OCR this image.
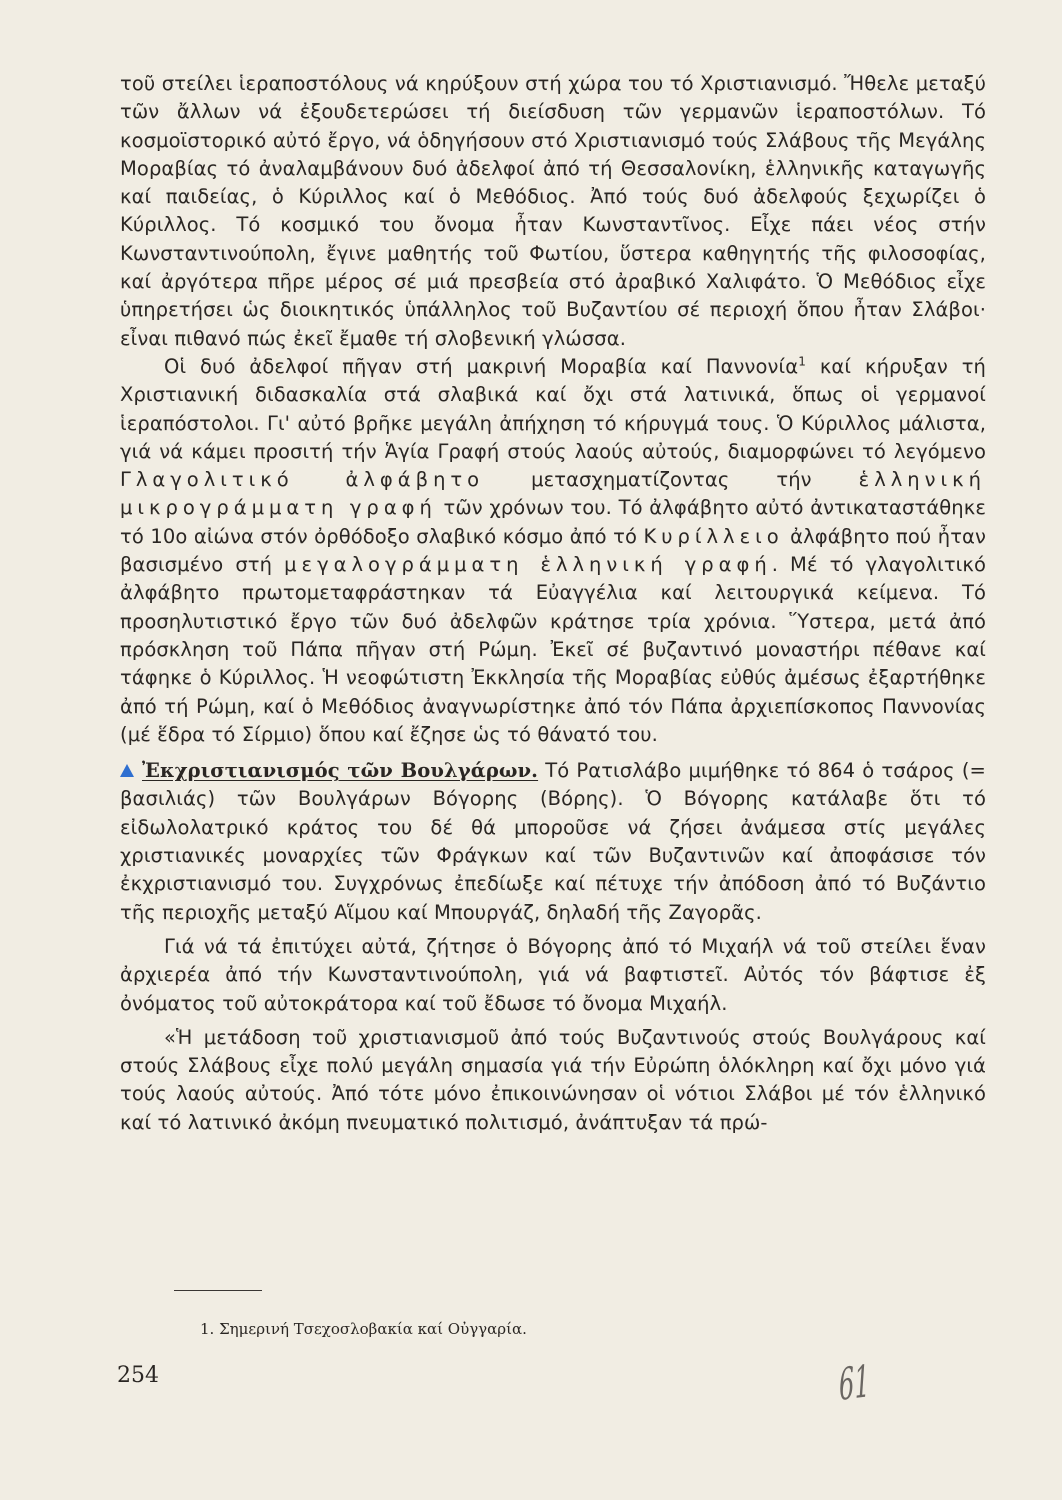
τοῦ στείλει ἱεραποστόλους νά κηρύξουν στή χώρα του τό Χριστιανισμό. Ἤθελε μεταξύ τῶν ἄλλων νά ἐξουδετερώσει τή διείσδυση τῶν γερμανῶν ἱεραποστόλων. Τό κοσμοϊστορικό αὐτό ἔργο, νά ὁδηγήσουν στό Χριστιανισμό τούς Σλάβους τῆς Μεγάλης Μοραβίας τό ἀναλαμβάνουν δυό ἀδελφοί ἀπό τή Θεσσαλονίκη, ἑλληνικῆς καταγωγῆς καί παιδείας, ὁ Κύριλλος καί ὁ Μεθόδιος. Ἀπό τούς δυό ἀδελφούς ξεχωρίζει ὁ Κύριλλος. Τό κοσμικό του ὄνομα ἦταν Κωνσταντῖνος. Εἶχε πάει νέος στήν Κωνσταντινούπολη, ἔγινε μαθητής τοῦ Φωτίου, ὕστερα καθηγητής τῆς φιλοσοφίας, καί ἀργότερα πῆρε μέρος σέ μιά πρεσβεία στό ἀραβικό Χαλιφάτο. Ὁ Μεθόδιος εἶχε ὑπηρετήσει ὡς διοικητικός ὑπάλληλος τοῦ Βυζαντίου σέ περιοχή ὅπου ἦταν Σλάβοι· εἶναι πιθανό πώς ἐκεῖ ἔμαθε τή σλοβενική γλώσσα.

Οἱ δυό ἀδελφοί πῆγαν στή μακρινή Μοραβία καί Παννονία$^1$ καί κήρυξαν τή Χριστιανική διδασκαλία στά σλαβικά καί ὄχι στά λατινικά, ὅπως οἱ γερμανοί ἱεραπόστολοι. Γι' αὐτό βρῆκε μεγάλη ἀπήχηση τό κήρυγμά τους. Ὁ Κύριλλος μάλιστα, γιά νά κάμει προσιτή τήν Ἁγία Γραφή στούς λαούς αὐτούς, διαμορφώνει τό λεγόμενο Γλαγολιτικό ἀλφάβητο μετασχηματίζοντας τήν ἑλληνική μικρογράμματη γραφή τῶν χρόνων του. Τό ἀλφάβητο αὐτό ἀντικαταστάθηκε τό 10ο αἰώνα στόν ὀρθόδοξο σλαβικό κόσμο ἀπό τό Κυρίλλειο ἀλφάβητο πού ἦταν βασισμένο στή μεγαλογράμματη ἑλληνική γραφή. Μέ τό γλαγολιτικό ἀλφάβητο πρωτομεταφράστηκαν τά Εὐαγγέλια καί λειτουργικά κείμενα. Τό προσηλυτιστικό ἔργο τῶν δυό ἀδελφῶν κράτησε τρία χρόνια. Ὕστερα, μετά ἀπό πρόσκληση τοῦ Πάπα πῆγαν στή Ρώμη. Ἐκεῖ σέ βυζαντινό μοναστήρι πέθανε καί τάφηκε ὁ Κύριλλος. Ἡ νεοφώτιστη Ἐκκλησία τῆς Μοραβίας εὐθύς ἀμέσως ἐξαρτήθηκε ἀπό τή Ρώμη, καί ὁ Μεθόδιος ἀναγνωρίστηκε ἀπό τόν Πάπα ἀρχιεπίσκοπος Παννονίας (μέ ἕδρα τό Σίρμιο) ὅπου καί ἔζησε ὡς τό θάνατό του.

Ἐκχριστιανισμός τῶν Βουλγάρων. Τό Ρατισλάβο μιμήθηκε τό 864 ὁ τσάρος (= βασιλιάς) τῶν Βουλγάρων Βόγορης (Βόρης). Ὁ Βόγορης κατάλαβε ὅτι τό εἰδωλολατρικό κράτος του δέ θά μποροῦσε νά ζήσει ἀνάμεσα στίς μεγάλες χριστιανικές μοναρχίες τῶν Φράγκων καί τῶν Βυζαντινῶν καί ἀποφάσισε τόν ἐκχριστιανισμό του. Συγχρόνως ἐπεδίωξε καί πέτυχε τήν ἀπόδοση ἀπό τό Βυζάντιο τῆς περιοχῆς μεταξύ Αἵμου καί Μπουργάζ, δηλαδή τῆς Ζαγορᾶς.

Γιά νά τά ἐπιτύχει αὐτά, ζήτησε ὁ Βόγορης ἀπό τό Μιχαήλ νά τοῦ στείλει ἕναν ἀρχιερέα ἀπό τήν Κωνσταντινούπολη, γιά νά βαφτιστεῖ. Αὐτός τόν βάφτισε ἐξ ὀνόματος τοῦ αὐτοκράτορα καί τοῦ ἔδωσε τό ὄνομα Μιχαήλ.

«Ἡ μετάδοση τοῦ χριστιανισμοῦ ἀπό τούς Βυζαντινούς στούς Βουλγάρους καί στούς Σλάβους εἶχε πολύ μεγάλη σημασία γιά τήν Εὐρώπη ὁλόκληρη καί ὄχι μόνο γιά τούς λαούς αὐτούς. Ἀπό τότε μόνο ἐπικοινώνησαν οἱ νότιοι Σλάβοι μέ τόν ἑλληνικό καί τό λατινικό ἀκόμη πνευματικό πολιτισμό, ἀνάπτυξαν τά πρώ-

1. Σημερινή Τσεχοσλοβακία καί Οὐγγαρία.
254	61
